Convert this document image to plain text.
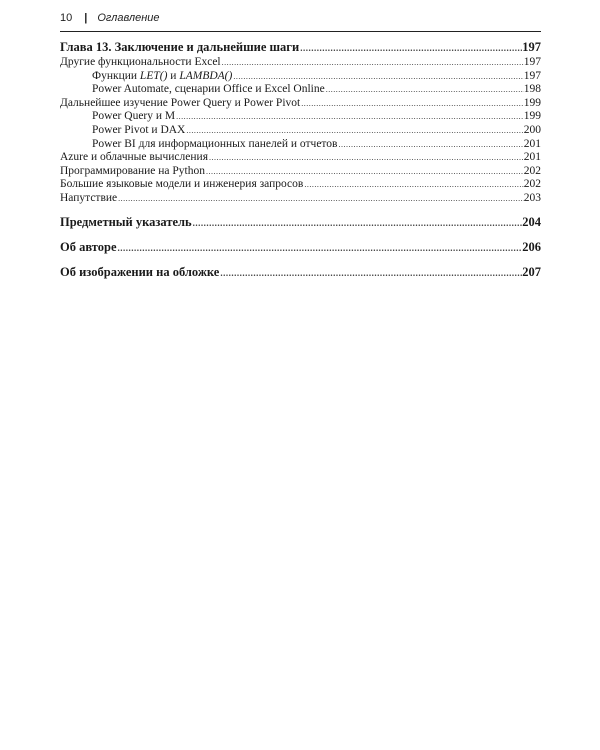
10 | Оглавление
Глава 13. Заключение и дальнейшие шаги .....	197
Другие функциональности Excel .....	197
Функции LET() и LAMBDA() .....	197
Power Automate, сценарии Office и Excel Online .....	198
Дальнейшее изучение Power Query и Power Pivot .....	199
Power Query и M .....	199
Power Pivot и DAX .....	200
Power BI для информационных панелей и отчетов .....	201
Azure и облачные вычисления .....	201
Программирование на Python .....	202
Большие языковые модели и инженерия запросов .....	202
Напутствие .....	203
Предметный указатель .....	204
Об авторе .....	206
Об изображении на обложке .....	207
